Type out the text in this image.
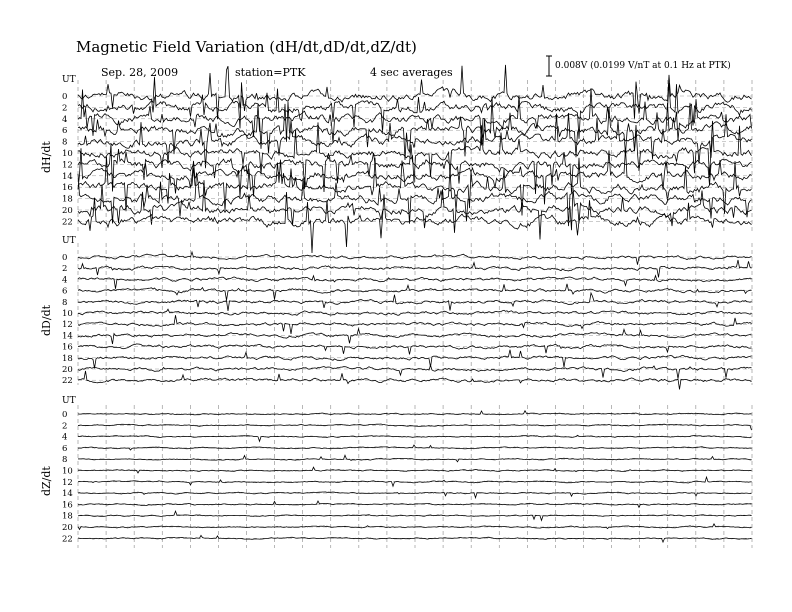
Magnetic Field Variation (dH/dt,dD/dt,dZ/dt)
Sep. 28, 2009	station=PTK	4 sec averages	0.008V (0.0199 V/nT at 0.1 Hz at PTK)
dH/dt
dD/dt
dZ/dt
UT
0
2
4
6
8
10
12
14
16
18
20
22
UT
0
2
4
6
8
10
12
14
16
18
20
22
UT
0
2
4
6
8
10
12
14
16
18
20
22
